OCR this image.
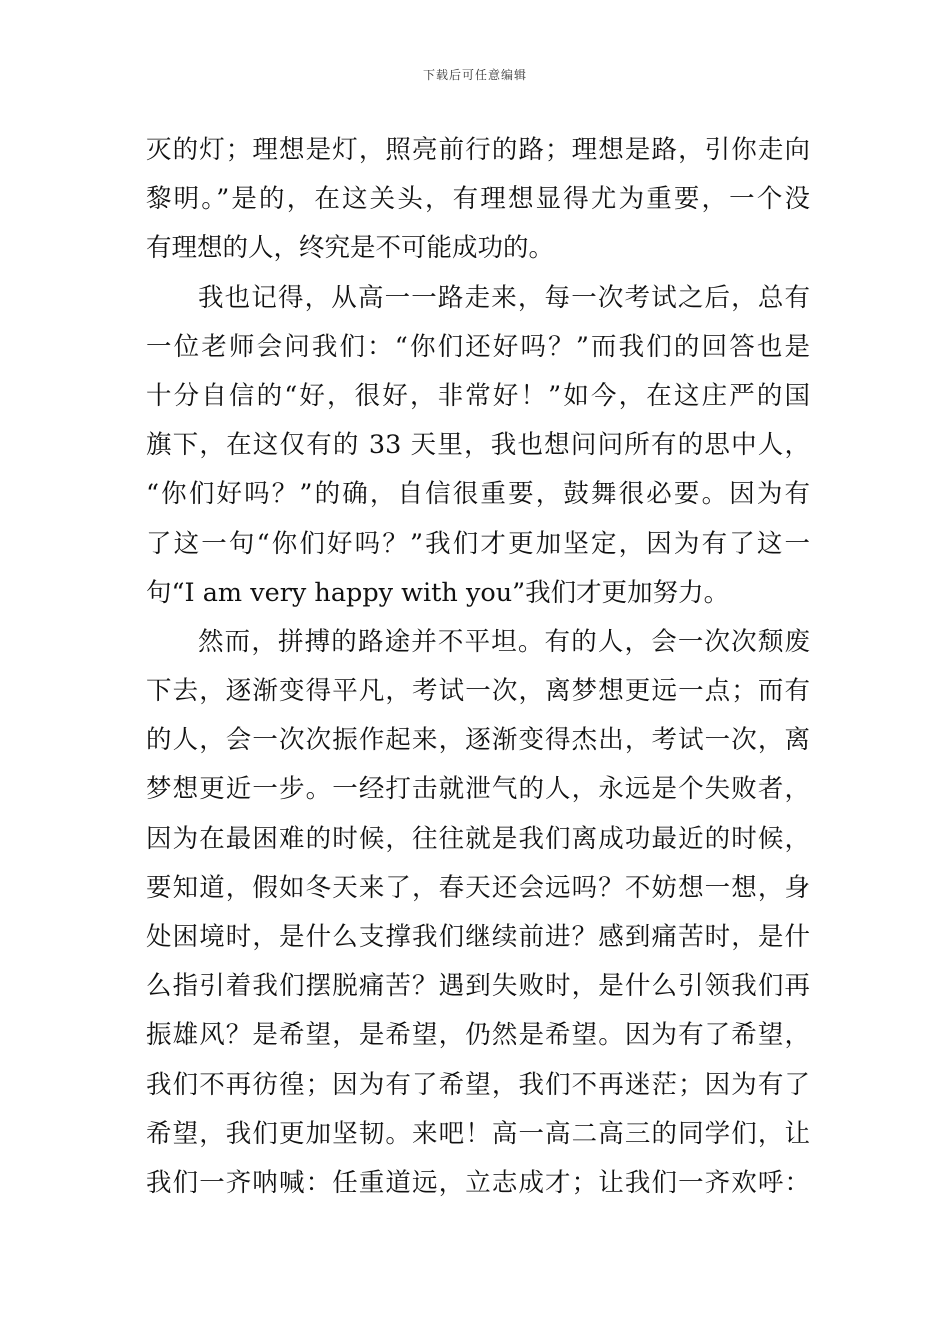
下载后可任意编辑
灭的灯；理想是灯，照亮前行的路；理想是路，引你走向
黎明。”是的，在这关头，有理想显得尤为重要，一个没
有理想的人，终究是不可能成功的。
我也记得，从高一一路走来，每一次考试之后，总有
一位老师会问我们：“你们还好吗？”而我们的回答也是
十分自信的“好，很好，非常好！”如今，在这庄严的国
旗下，在这仅有的 33 天里，我也想问问所有的思中人，
“你们好吗？”的确，自信很重要，鼓舞很必要。因为有
了这一句“你们好吗？”我们才更加坚定，因为有了这一
句“I am very happy with you”我们才更加努力。
然而，拼搏的路途并不平坦。有的人，会一次次颓废
下去，逐渐变得平凡，考试一次，离梦想更远一点；而有
的人，会一次次振作起来，逐渐变得杰出，考试一次，离
梦想更近一步。一经打击就泄气的人，永远是个失败者，
因为在最困难的时候，往往就是我们离成功最近的时候，
要知道，假如冬天来了，春天还会远吗？不妨想一想，身
处困境时，是什么支撑我们继续前进？感到痛苦时，是什
么指引着我们摆脱痛苦？遇到失败时，是什么引领我们再
振雄风？是希望，是希望，仍然是希望。因为有了希望，
我们不再彷徨；因为有了希望，我们不再迷茫；因为有了
希望，我们更加坚韧。来吧！高一高二高三的同学们，让
我们一齐呐喊：任重道远，立志成才；让我们一齐欢呼：
